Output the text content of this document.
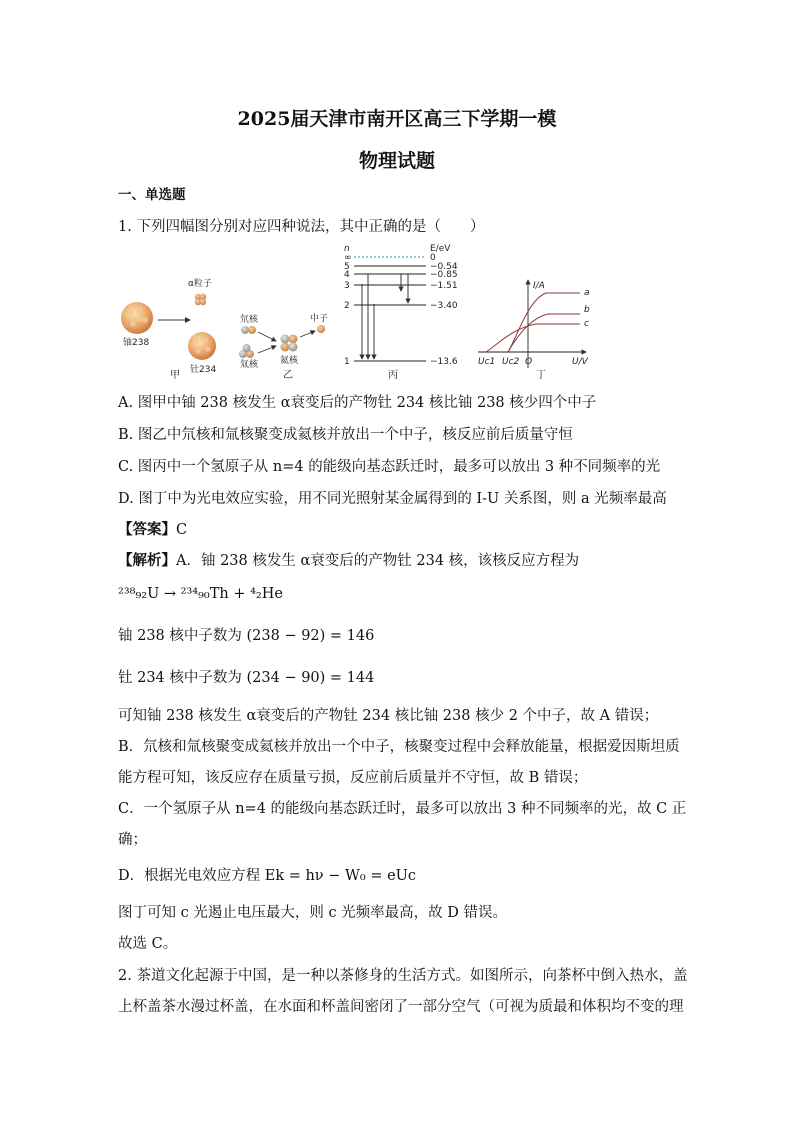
2025届天津市南开区高三下学期一模
物理试题
一、单选题
1. 下列四幅图分别对应四种说法，其中正确的是（　　）
铀238
α粒子
钍234
甲
氘核
氚核 氦核
中子
乙
n	E/eV
∞	0
5	−0.54
4	−0.85
3	−1.51
2	−3.40
1	−13.6
丙
I/A
U/V
O
Uc1 Uc2
a
b
c
丁
A. 图甲中铀 238 核发生 α衰变后的产物钍 234 核比铀 238 核少四个中子
B. 图乙中氘核和氚核聚变成氦核并放出一个中子，核反应前后质量守恒
C. 图丙中一个氢原子从 n=4 的能级向基态跃迁时，最多可以放出 3 种不同频率的光
D. 图丁中为光电效应实验，用不同光照射某金属得到的 I-U 关系图，则 a 光频率最高
【答案】C
【解析】A．铀 238 核发生 α衰变后的产物钍 234 核，该核反应方程为
²³⁸₉₂U → ²³⁴₉₀Th + ⁴₂He
铀 238 核中子数为 (238 − 92) = 146
钍 234 核中子数为 (234 − 90) = 144
可知铀 238 核发生 α衰变后的产物钍 234 核比铀 238 核少 2 个中子，故 A 错误；
B．氘核和氚核聚变成氦核并放出一个中子，核聚变过程中会释放能量，根据爱因斯坦质
能方程可知，该反应存在质量亏损，反应前后质量并不守恒，故 B 错误；
C．一个氢原子从 n=4 的能级向基态跃迁时，最多可以放出 3 种不同频率的光，故 C 正
确；
D．根据光电效应方程 Ek = hν − W₀ = eUc
图丁可知 c 光遏止电压最大，则 c 光频率最高，故 D 错误。
故选 C。
2. 茶道文化起源于中国，是一种以茶修身的生活方式。如图所示，向茶杯中倒入热水，盖
上杯盖茶水漫过杯盖，在水面和杯盖间密闭了一部分空气（可视为质最和体积均不变的理
